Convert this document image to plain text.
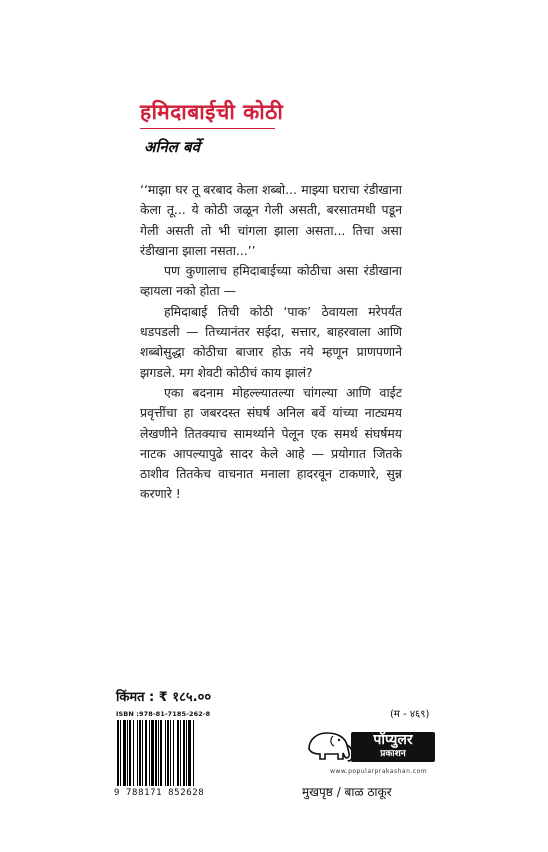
हमिदाबाईची कोठी
अनिल बर्वे

‘‘माझा घर तू बरबाद केला शब्बो... माझ्या घराचा रंडीखाना केला तू... ये कोठी जळून गेली असती, बरसातमधी पडून गेली असती तो भी चांगला झाला असता... तिचा असा रंडीखाना झाला नसता...’’

पण कुणालाच हमिदाबाईच्या कोठीचा असा रंडीखाना व्हायला नको होता —

हमिदाबाई तिची कोठी ‘पाक’ ठेवायला मरेपर्यंत धडपडली — तिच्यानंतर सईदा, सत्तार, बाहरवाला आणि शब्बोसुद्धा कोठीचा बाजार होऊ नये म्हणून प्राणपणाने झगडले. मग शेवटी कोठीचं काय झालं?

एका बदनाम मोहल्ल्यातल्या चांगल्या आणि वाईट प्रवृत्तींचा हा जबरदस्त संघर्ष अनिल बर्वे यांच्या नाट्यमय लेखणीने तितक्याच सामर्थ्याने पेलून एक समर्थ संघर्षमय नाटक आपल्यापुढे सादर केले आहे — प्रयोगात जितके ठाशीव तितकेच वाचनात मनाला हादरवून टाकणारे, सुन्न करणारे !

किंमत : ₹ १८५.००
ISBN :978-81-7185-262-8
9 788171 852628
(म - ४६९)
पॉप्युलर
प्रकाशन
www.popularprakashan.com
मुखपृष्ठ / बाळ ठाकूर
